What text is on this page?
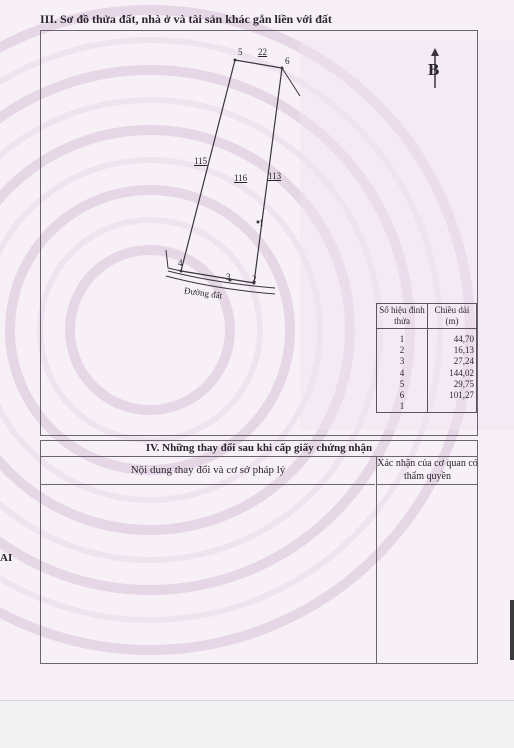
III. Sơ đồ thửa đất, nhà ở và tài sản khác gắn liền với đất
5 22
6
115
116 113
1
4
3 2
Đường đất
B
Số hiệu đỉnh thửa	Chiều dài (m)
1	44,70
2	16,13
3	27,24
4	144,02
5	29,75
6	101,27
1	
IV. Những thay đổi sau khi cấp giấy chứng nhận
Nội dung thay đổi và cơ sở pháp lý
Xác nhận của cơ quan có thẩm quyền
AI
